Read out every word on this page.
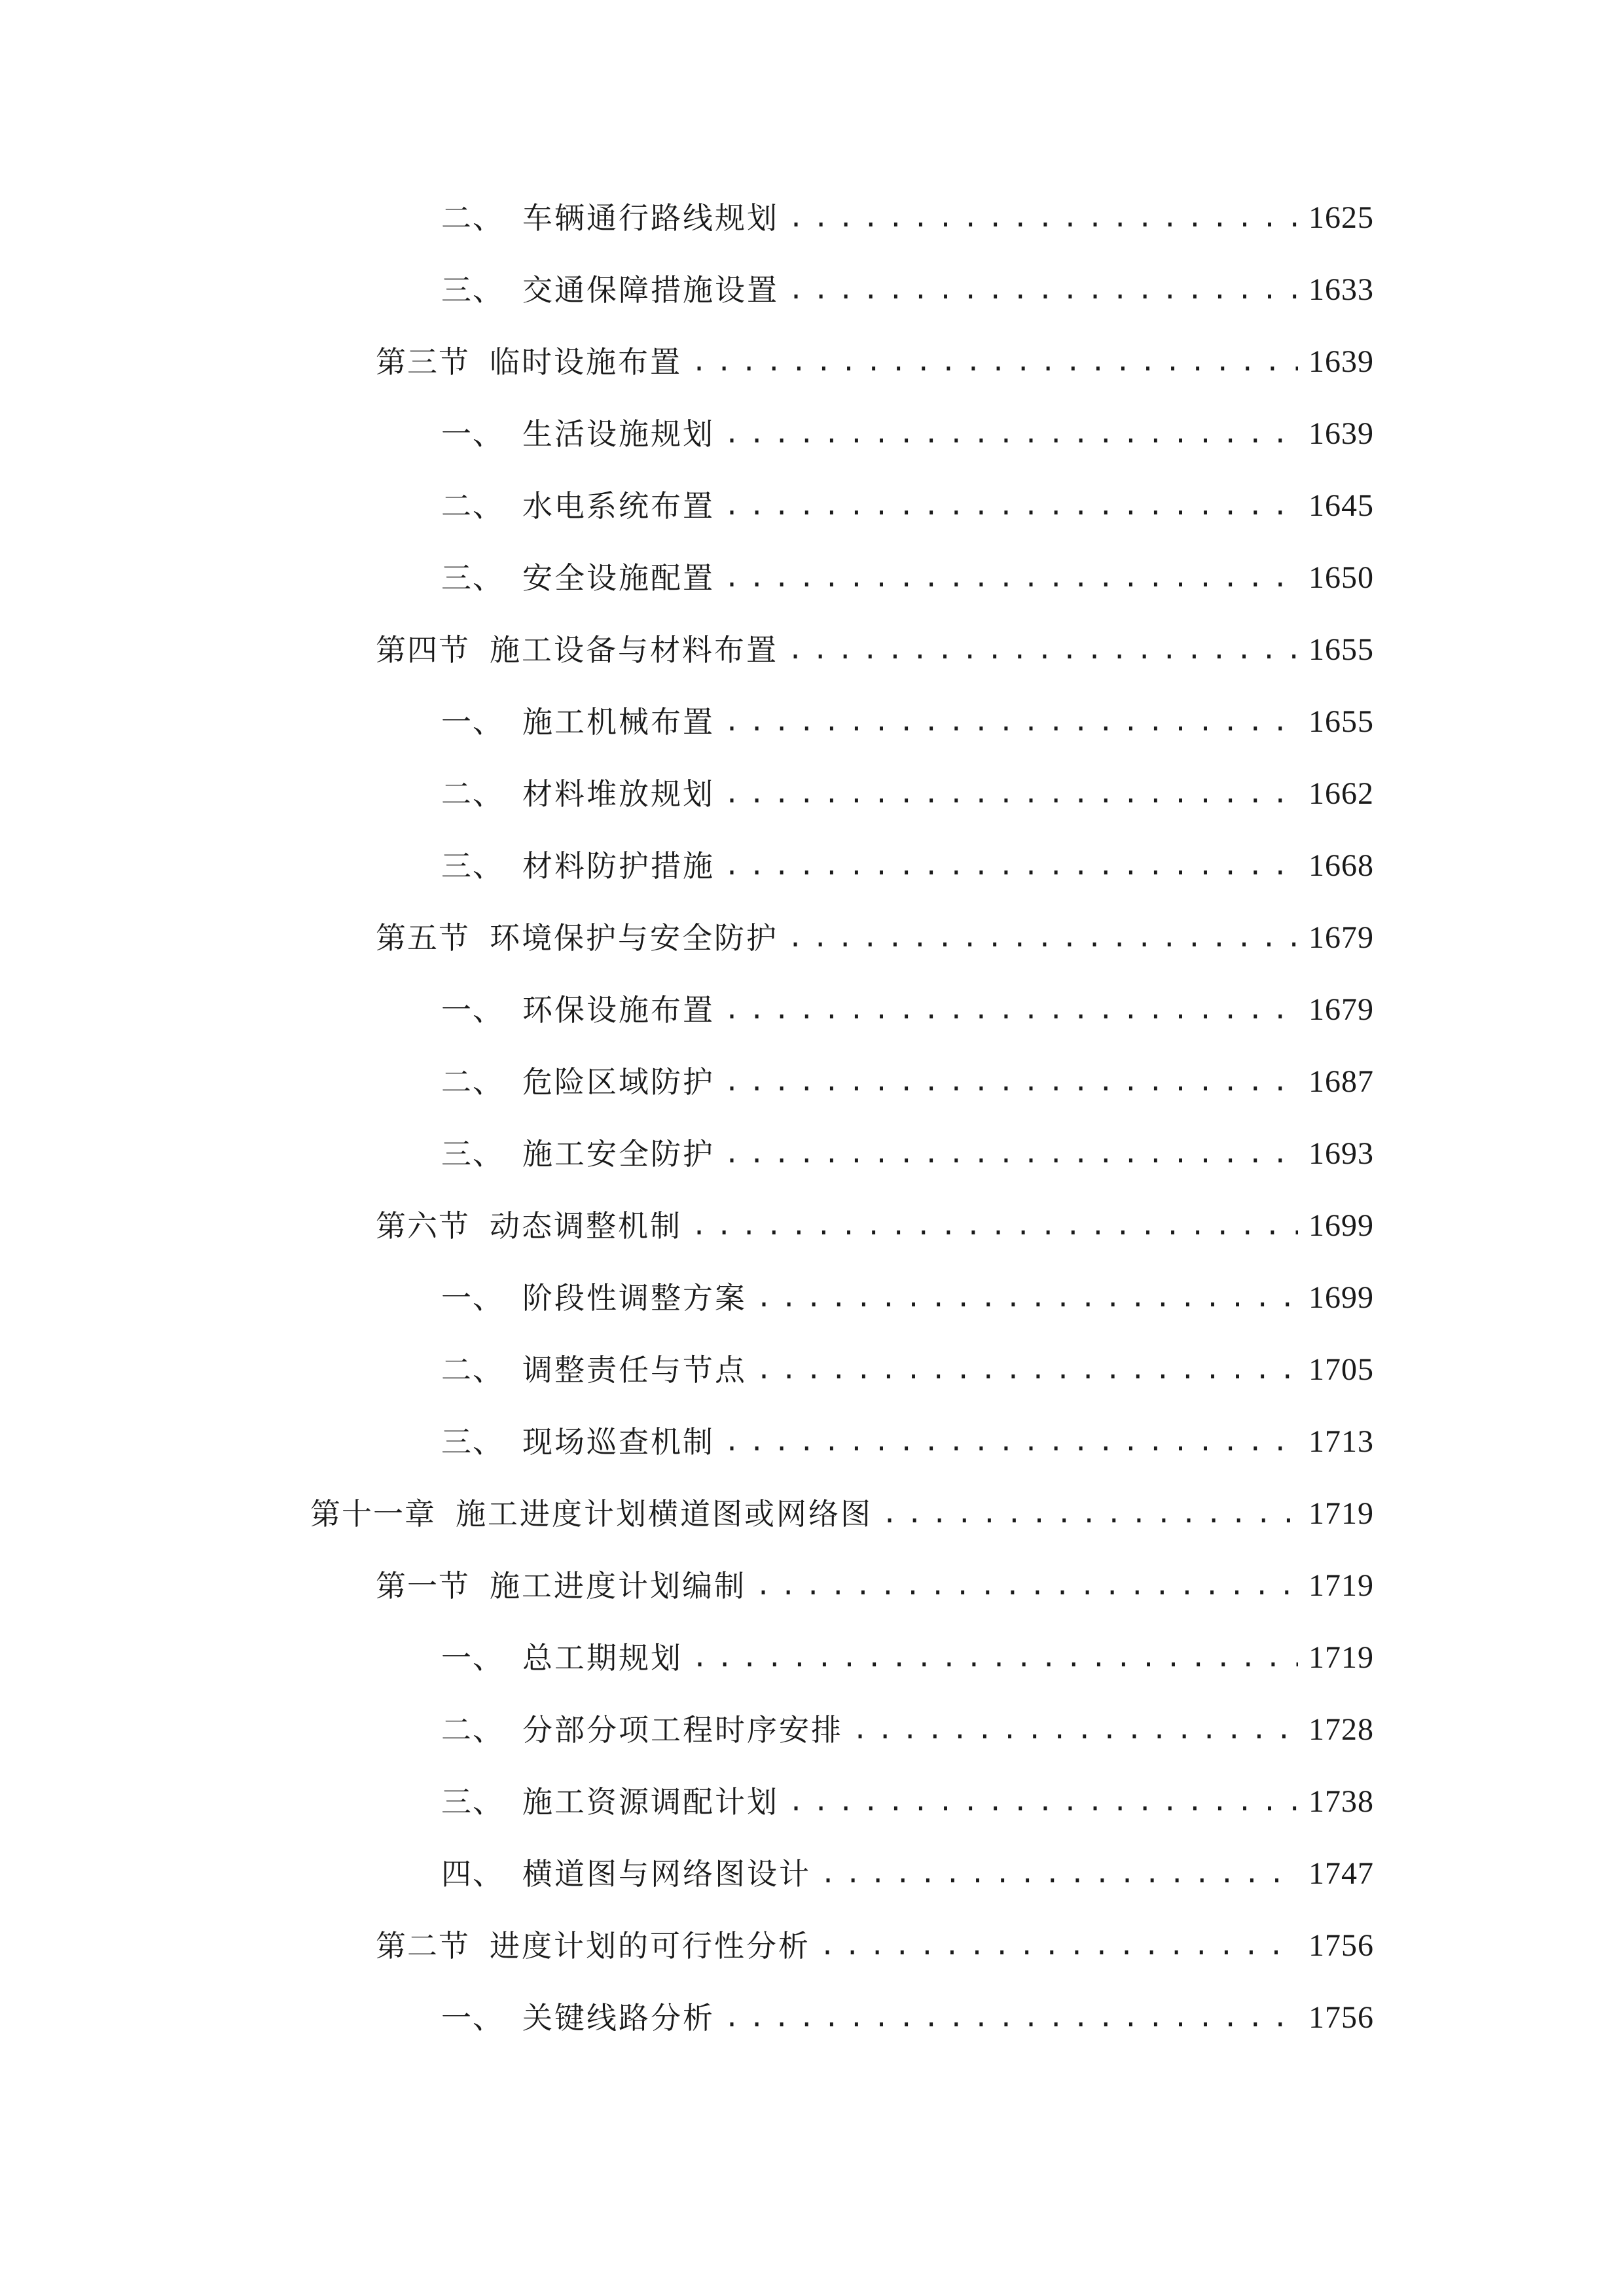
二、 车辆通行路线规划 .....	1625
三、 交通保障措施设置 .....	1633
第三节 临时设施布置 .....	1639
一、 生活设施规划 .....	1639
二、 水电系统布置 .....	1645
三、 安全设施配置 .....	1650
第四节 施工设备与材料布置 .....	1655
一、 施工机械布置 .....	1655
二、 材料堆放规划 .....	1662
三、 材料防护措施 .....	1668
第五节 环境保护与安全防护 .....	1679
一、 环保设施布置 .....	1679
二、 危险区域防护 .....	1687
三、 施工安全防护 .....	1693
第六节 动态调整机制 .....	1699
一、 阶段性调整方案 .....	1699
二、 调整责任与节点 .....	1705
三、 现场巡查机制 .....	1713
第十一章 施工进度计划横道图或网络图 .....	1719
第一节 施工进度计划编制 .....	1719
一、 总工期规划 .....	1719
二、 分部分项工程时序安排 .....	1728
三、 施工资源调配计划 .....	1738
四、 横道图与网络图设计 .....	1747
第二节 进度计划的可行性分析 .....	1756
一、 关键线路分析 .....	1756
